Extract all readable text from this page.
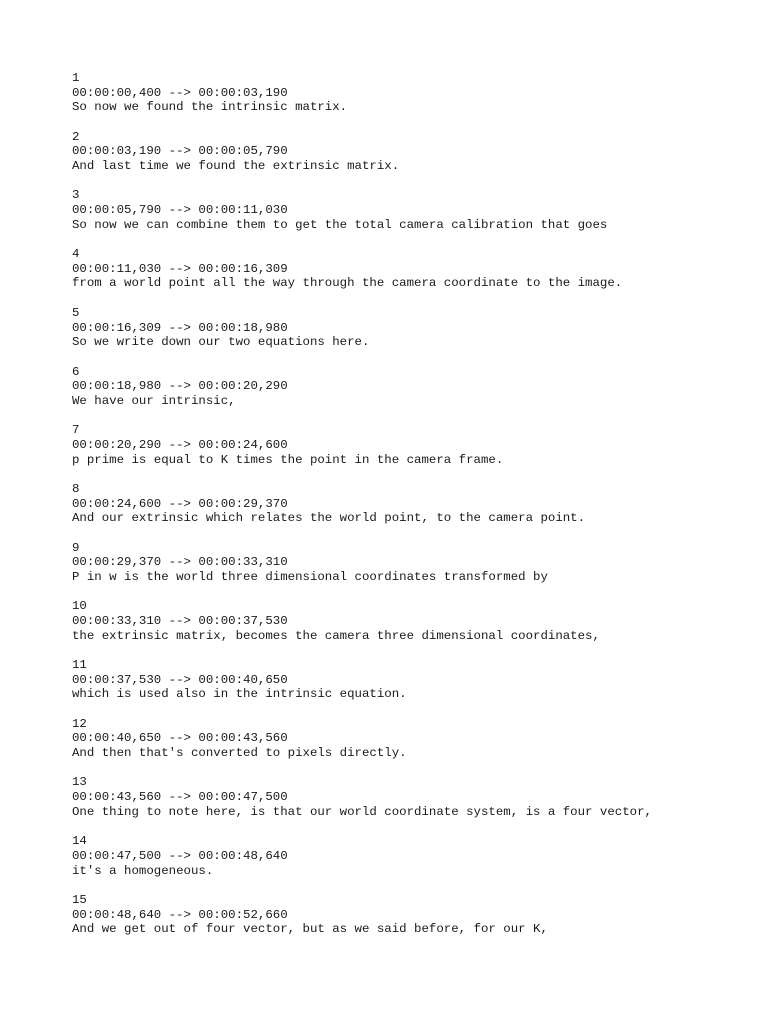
1
00:00:00,400 --> 00:00:03,190
So now we found the intrinsic matrix.
2
00:00:03,190 --> 00:00:05,790
And last time we found the extrinsic matrix.
3
00:00:05,790 --> 00:00:11,030
So now we can combine them to get the total camera calibration that goes
4
00:00:11,030 --> 00:00:16,309
from a world point all the way through the camera coordinate to the image.
5
00:00:16,309 --> 00:00:18,980
So we write down our two equations here.
6
00:00:18,980 --> 00:00:20,290
We have our intrinsic,
7
00:00:20,290 --> 00:00:24,600
p prime is equal to K times the point in the camera frame.
8
00:00:24,600 --> 00:00:29,370
And our extrinsic which relates the world point, to the camera point.
9
00:00:29,370 --> 00:00:33,310
P in w is the world three dimensional coordinates transformed by
10
00:00:33,310 --> 00:00:37,530
the extrinsic matrix, becomes the camera three dimensional coordinates,
11
00:00:37,530 --> 00:00:40,650
which is used also in the intrinsic equation.
12
00:00:40,650 --> 00:00:43,560
And then that's converted to pixels directly.
13
00:00:43,560 --> 00:00:47,500
One thing to note here, is that our world coordinate system, is a four vector,
14
00:00:47,500 --> 00:00:48,640
it's a homogeneous.
15
00:00:48,640 --> 00:00:52,660
And we get out of four vector, but as we said before, for our K,
